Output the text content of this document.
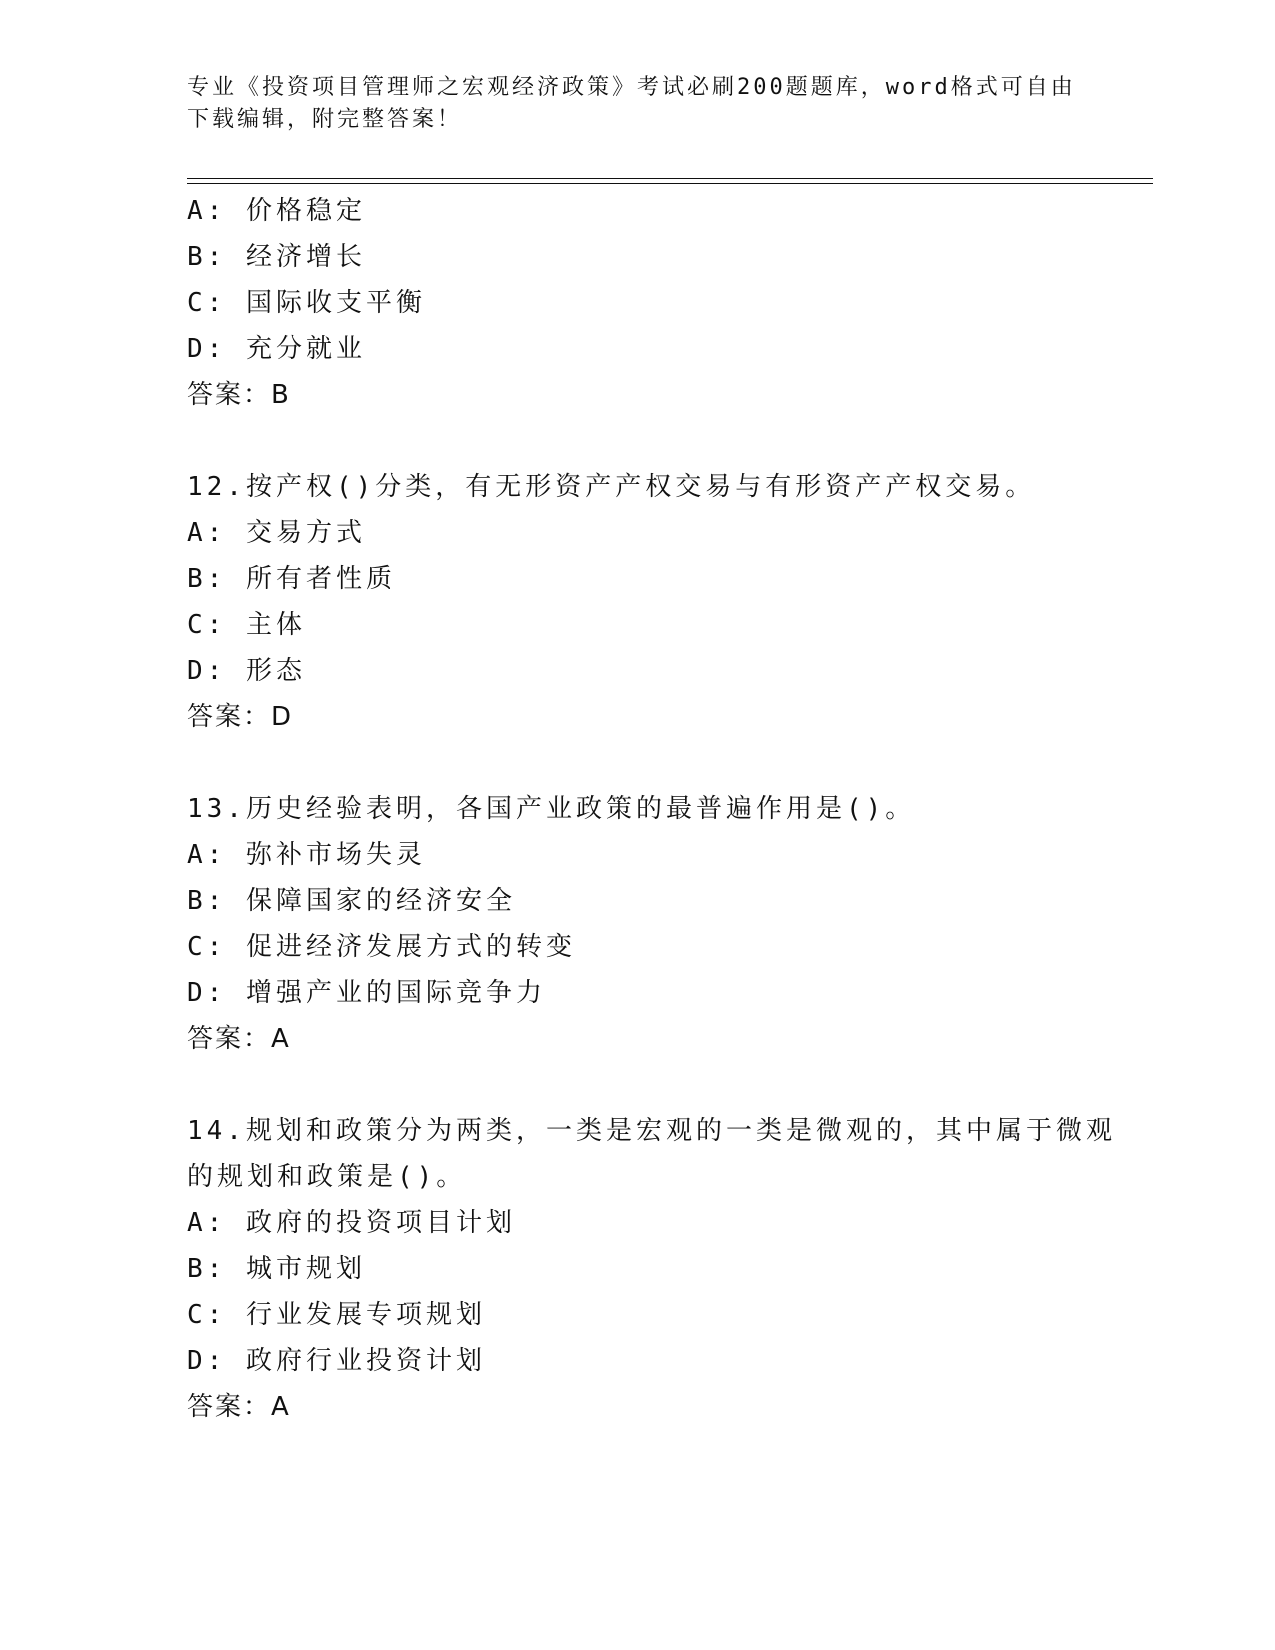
专业《投资项目管理师之宏观经济政策》考试必刷200题题库，word格式可自由
下载编辑，附完整答案！
A: 价格稳定
B: 经济增长
C: 国际收支平衡
D: 充分就业
答案：B
12.按产权()分类，有无形资产产权交易与有形资产产权交易。
A: 交易方式
B: 所有者性质
C: 主体
D: 形态
答案：D
13.历史经验表明，各国产业政策的最普遍作用是()。
A: 弥补市场失灵
B: 保障国家的经济安全
C: 促进经济发展方式的转变
D: 增强产业的国际竞争力
答案：A
14.规划和政策分为两类，一类是宏观的一类是微观的，其中属于微观
的规划和政策是()。
A: 政府的投资项目计划
B: 城市规划
C: 行业发展专项规划
D: 政府行业投资计划
答案：A
